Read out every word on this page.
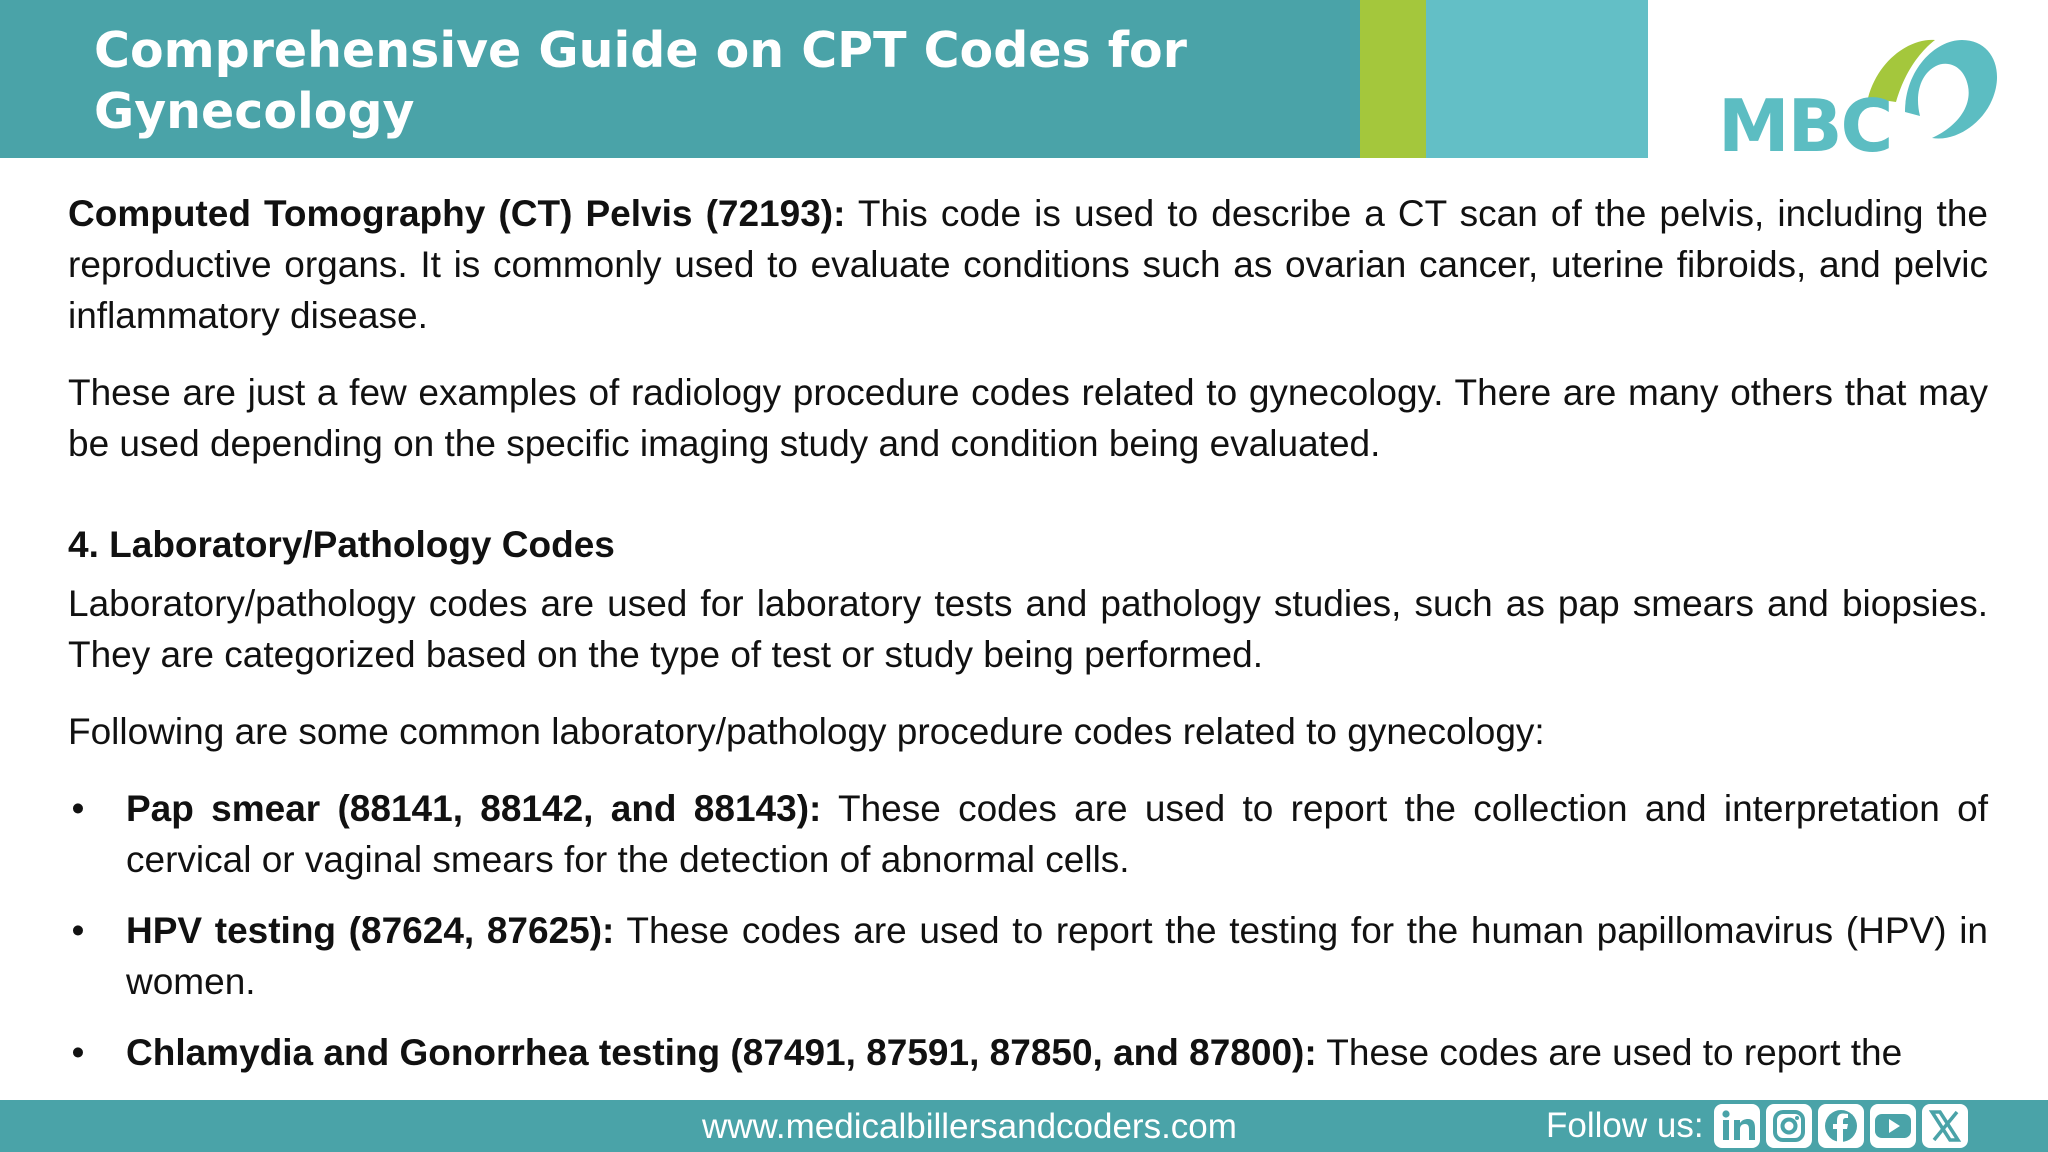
Comprehensive Guide on CPT Codes for
Gynecology	MBC

Computed Tomography (CT) Pelvis (72193): This code is used to describe a CT scan of the pelvis, including the reproductive organs. It is commonly used to evaluate conditions such as ovarian cancer, uterine fibroids, and pelvic inflammatory disease.

These are just a few examples of radiology procedure codes related to gynecology. There are many others that may be used depending on the specific imaging study and condition being evaluated.

4. Laboratory/Pathology Codes

Laboratory/pathology codes are used for laboratory tests and pathology studies, such as pap smears and biopsies. They are categorized based on the type of test or study being performed.

Following are some common laboratory/pathology procedure codes related to gynecology:

• Pap smear (88141, 88142, and 88143): These codes are used to report the collection and interpretation of cervical or vaginal smears for the detection of abnormal cells.
• HPV testing (87624, 87625): These codes are used to report the testing for the human papillomavirus (HPV) in women.
• Chlamydia and Gonorrhea testing (87491, 87591, 87850, and 87800): These codes are used to report the
www.medicalbillersandcoders.com	Follow us:
